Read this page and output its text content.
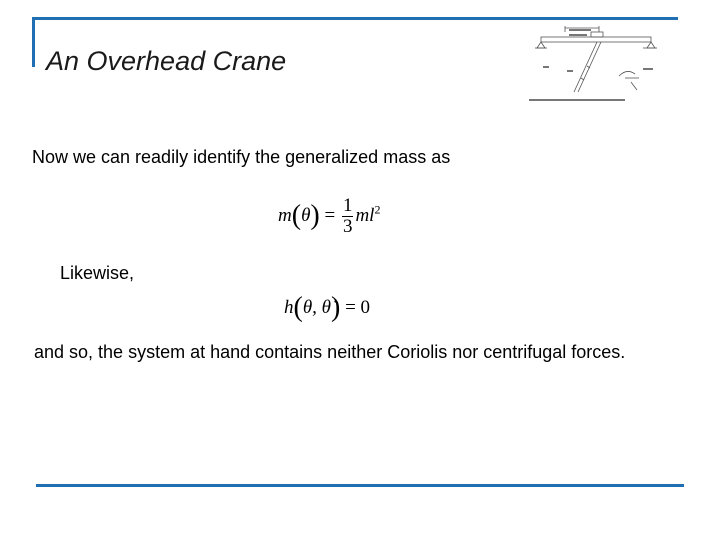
An Overhead Crane

Now we can readily identify the generalized mass as

$m(\theta) = \frac{1}{3} ml^2$

Likewise,

h(θ, θ̇) = 0

and so, the system at hand contains neither Coriolis nor centrifugal forces.
